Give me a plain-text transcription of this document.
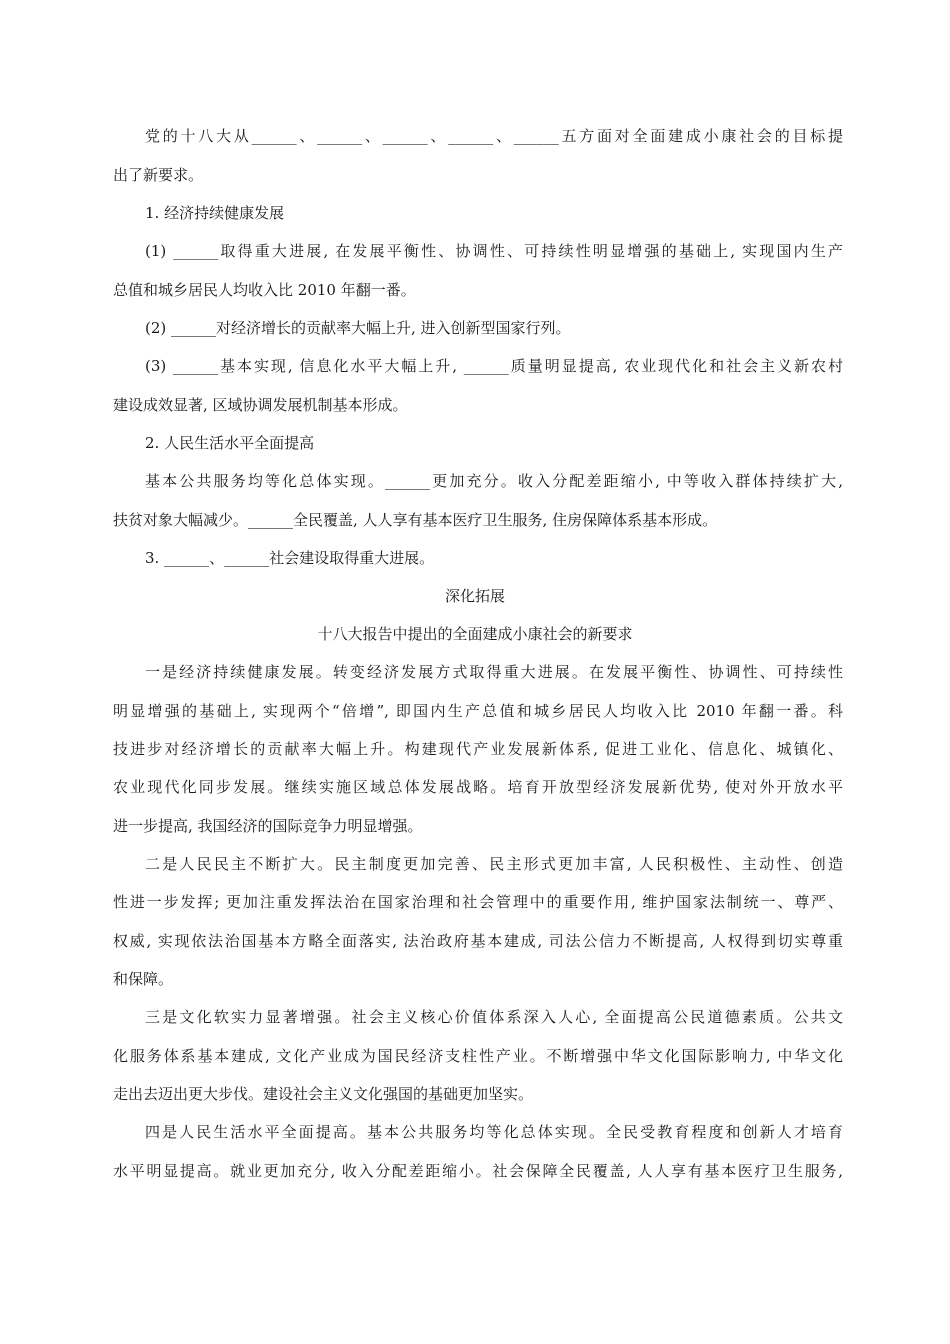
党的十八大从______、______、______、______、______五方面对全面建成小康社会的目标提
出了新要求。
1. 经济持续健康发展
(1) ______取得重大进展, 在发展平衡性、协调性、可持续性明显增强的基础上, 实现国内生产
总值和城乡居民人均收入比 2010 年翻一番。
(2) ______对经济增长的贡献率大幅上升, 进入创新型国家行列。
(3) ______基本实现, 信息化水平大幅上升, ______质量明显提高, 农业现代化和社会主义新农村
建设成效显著, 区域协调发展机制基本形成。
2. 人民生活水平全面提高
基本公共服务均等化总体实现。______更加充分。收入分配差距缩小, 中等收入群体持续扩大,
扶贫对象大幅减少。______全民覆盖, 人人享有基本医疗卫生服务, 住房保障体系基本形成。
3. ______、______社会建设取得重大进展。
深化拓展
十八大报告中提出的全面建成小康社会的新要求
一是经济持续健康发展。转变经济发展方式取得重大进展。在发展平衡性、协调性、可持续性
明显增强的基础上, 实现两个“倍增”, 即国内生产总值和城乡居民人均收入比 2010 年翻一番。科
技进步对经济增长的贡献率大幅上升。构建现代产业发展新体系, 促进工业化、信息化、城镇化、
农业现代化同步发展。继续实施区域总体发展战略。培育开放型经济发展新优势, 使对外开放水平
进一步提高, 我国经济的国际竞争力明显增强。
二是人民民主不断扩大。民主制度更加完善、民主形式更加丰富, 人民积极性、主动性、创造
性进一步发挥; 更加注重发挥法治在国家治理和社会管理中的重要作用, 维护国家法制统一、尊严、
权威, 实现依法治国基本方略全面落实, 法治政府基本建成, 司法公信力不断提高, 人权得到切实尊重
和保障。
三是文化软实力显著增强。社会主义核心价值体系深入人心, 全面提高公民道德素质。公共文
化服务体系基本建成, 文化产业成为国民经济支柱性产业。不断增强中华文化国际影响力, 中华文化
走出去迈出更大步伐。建设社会主义文化强国的基础更加坚实。
四是人民生活水平全面提高。基本公共服务均等化总体实现。全民受教育程度和创新人才培育
水平明显提高。就业更加充分, 收入分配差距缩小。社会保障全民覆盖, 人人享有基本医疗卫生服务,
